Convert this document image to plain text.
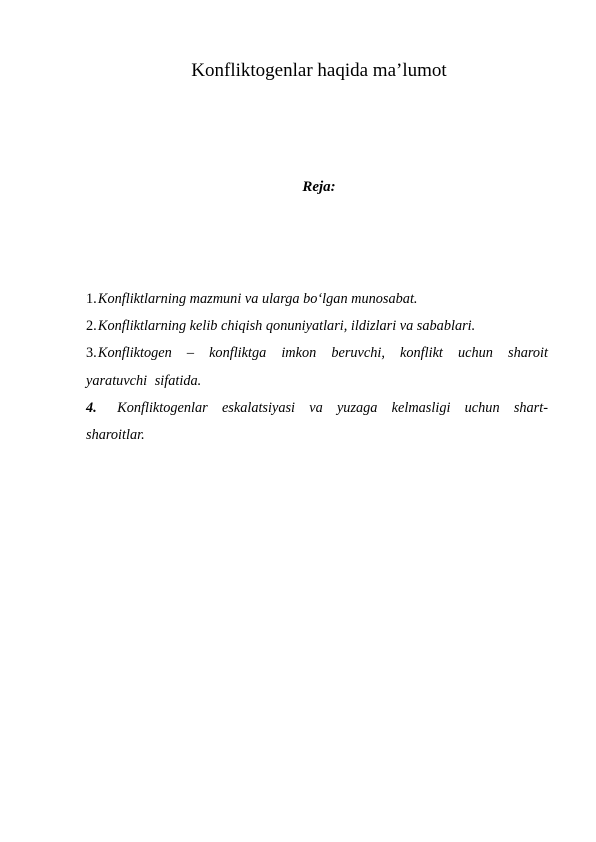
Konfliktogenlar haqida ma’lumot
Reja:
1. Konfliktlarning mazmuni va ularga bo‘lgan munosabat.
2. Konfliktlarning kelib chiqish qonuniyatlari, ildizlari va sabablari.
3. Konfliktogen – konfliktga imkon beruvchi, konflikt uchun sharoit yaratuvchi sifatida.
4.  Konfliktogenlar eskalatsiyasi va yuzaga kelmasligi uchun shart-sharoitlar.
